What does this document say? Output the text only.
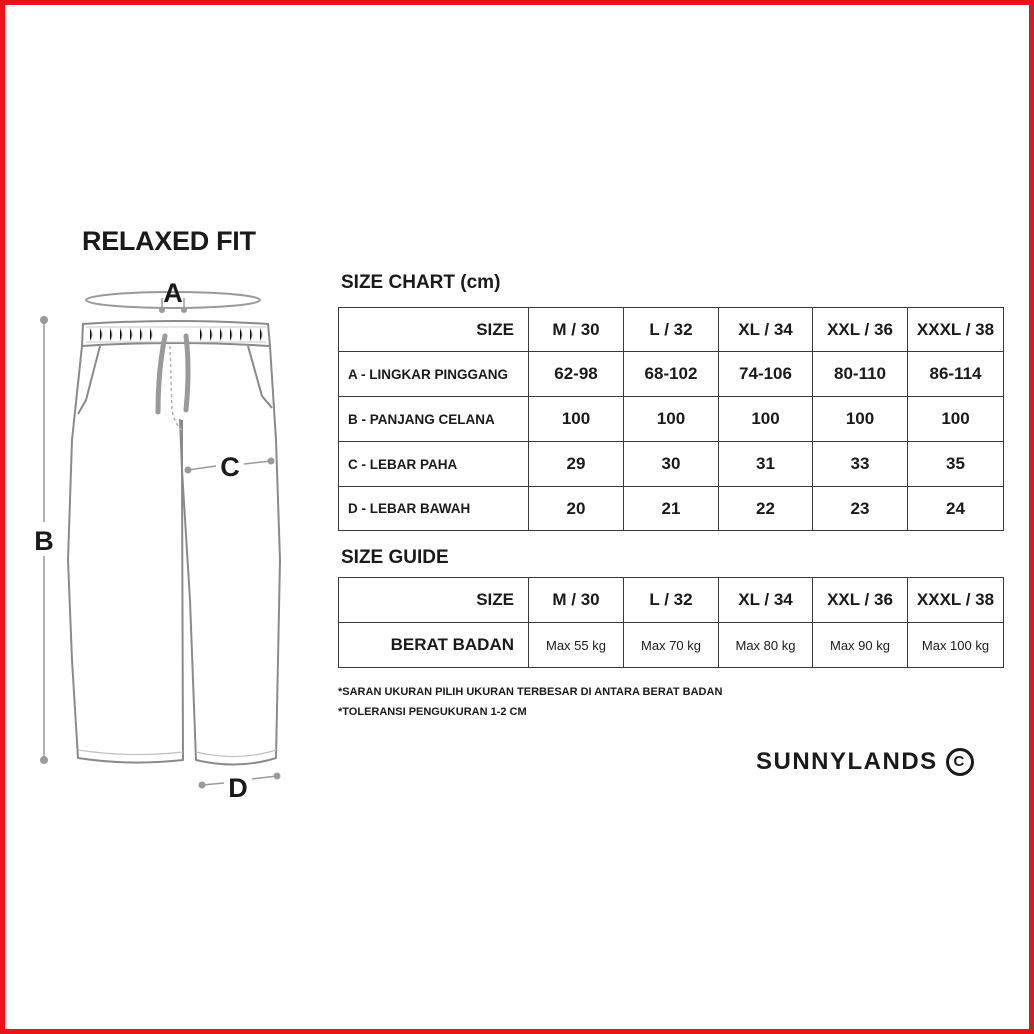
RELAXED FIT
A
B
C
D
SIZE CHART (cm)
SIZE	M / 30	L / 32	XL / 34	XXL / 36	XXXL / 38
A - LINGKAR PINGGANG	62-98	68-102	74-106	80-110	86-114
B - PANJANG CELANA	100	100	100	100	100
C - LEBAR PAHA	29	30	31	33	35
D - LEBAR BAWAH	20	21	22	23	24
SIZE GUIDE
SIZE	M / 30	L / 32	XL / 34	XXL / 36	XXXL / 38
BERAT BADAN	Max 55 kg	Max 70 kg	Max 80 kg	Max 90 kg	Max 100 kg
*SARAN UKURAN PILIH UKURAN TERBESAR DI ANTARA BERAT BADAN
*TOLERANSI PENGUKURAN 1-2 CM
SUNNYLANDS
C
